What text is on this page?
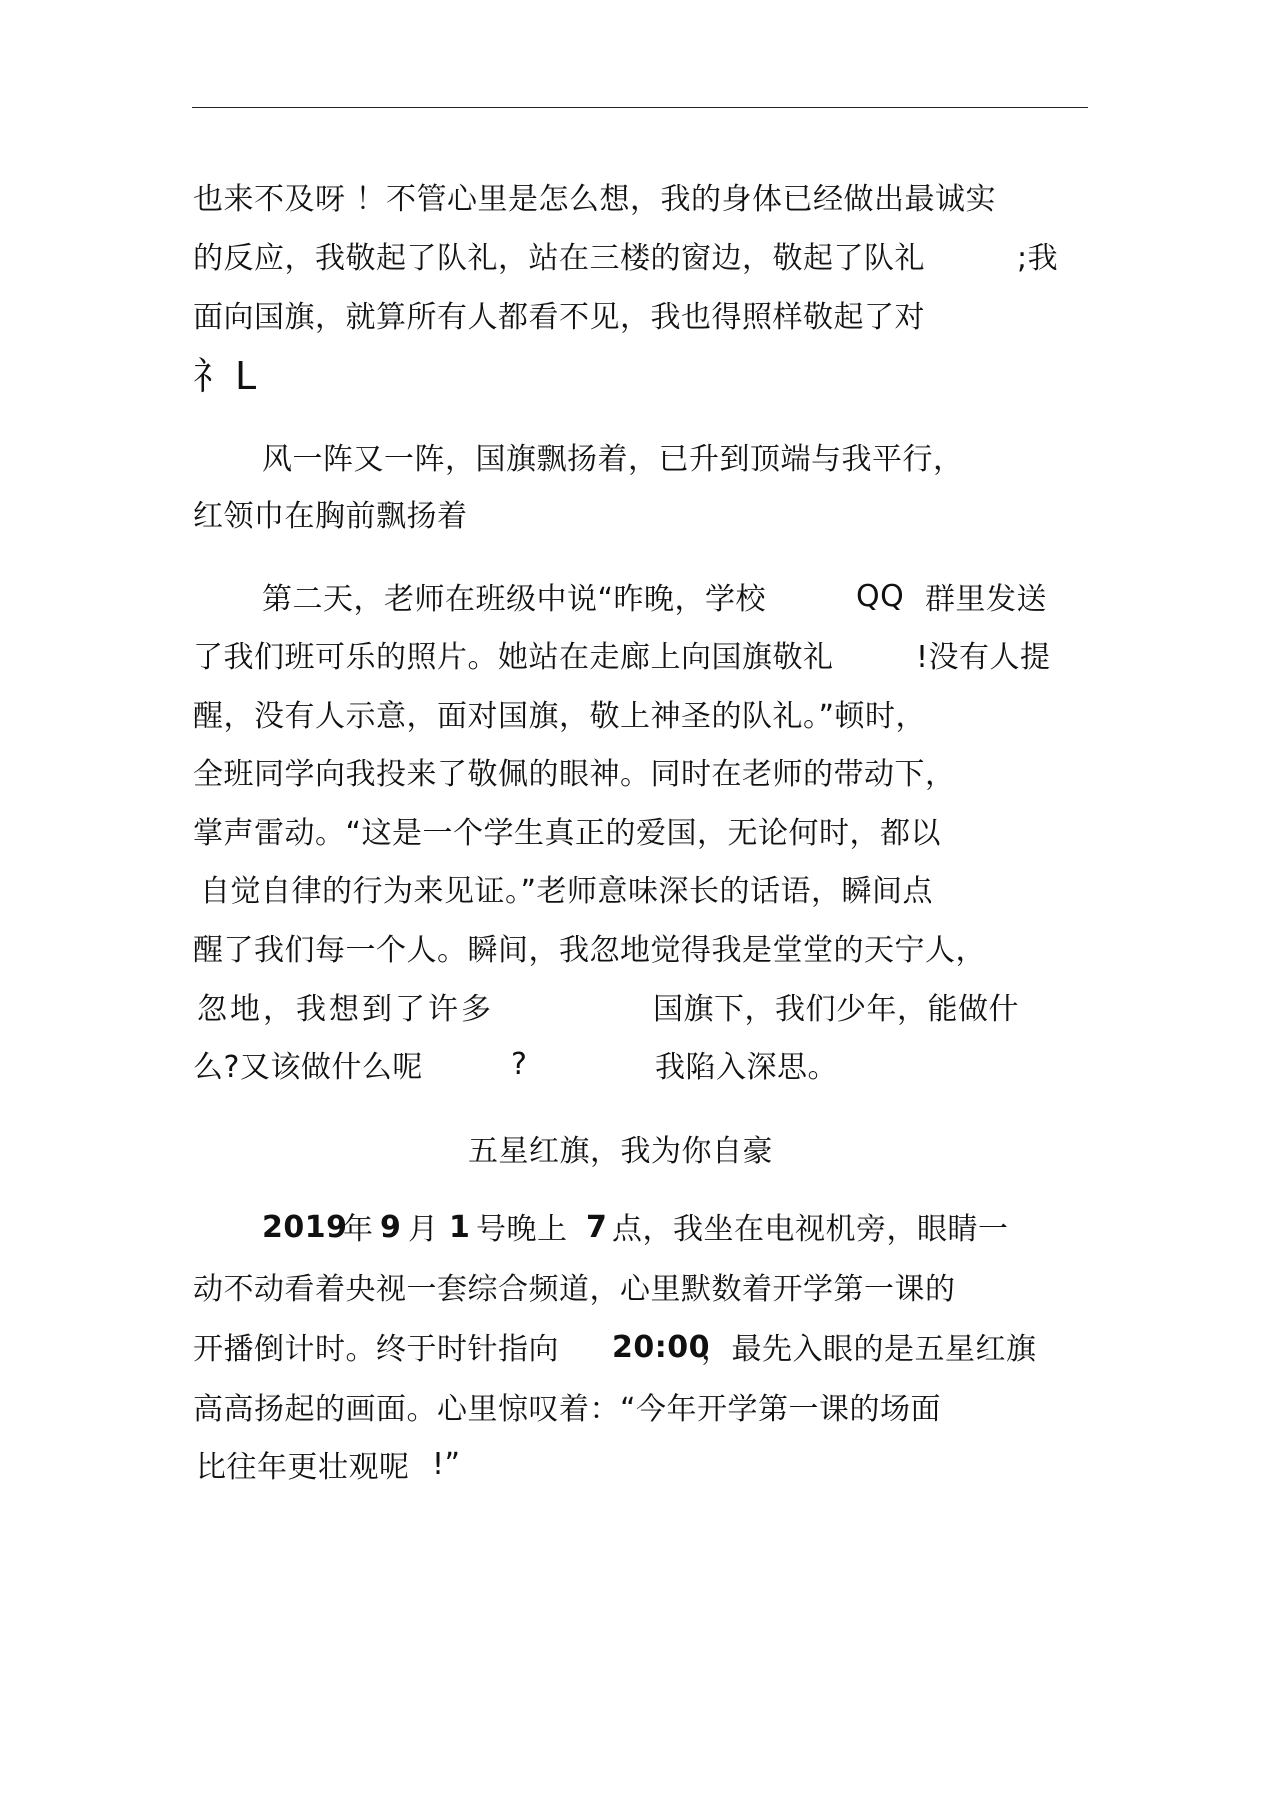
也来不及呀 ！不管心里是怎么想，我的身体已经做出最诚实
的反应，我敬起了队礼，站在三楼的窗边，敬起了队礼	;我
面向国旗，就算所有人都看不见，我也得照样敬起了对
礻L
风一阵又一阵，国旗飘扬着，已升到顶端与我平行，
红领巾在胸前飘扬着
第二天，老师在班级中说“昨晚，学校	QQ 群里发送
了我们班可乐的照片。她站在走廊上向国旗敬礼	!没有人提
醒，没有人示意，面对国旗，敬上神圣的队礼。”顿时，
全班同学向我投来了敬佩的眼神。同时在老师的带动下，
掌声雷动。“这是一个学生真正的爱国，无论何时，都以
自觉自律的行为来见证。”老师意味深长的话语，瞬间点
醒了我们每一个人。瞬间，我忽地觉得我是堂堂的天宁人，
忽地，我想到了许多	国旗下，我们少年，能做什
么?又该做什么呢	?	我陷入深思。
五星红旗，我为你自豪
2019
年 9 月 1 号晚上 7 点，我坐在电视机旁，眼睛一
动不动看着央视一套综合频道，心里默数着开学第一课的
开播倒计时。终于时针指向 20:00
，最先入眼的是五星红旗
高高扬起的画面。心里惊叹着：“今年开学第一课的场面
比往年更壮观呢 !”
